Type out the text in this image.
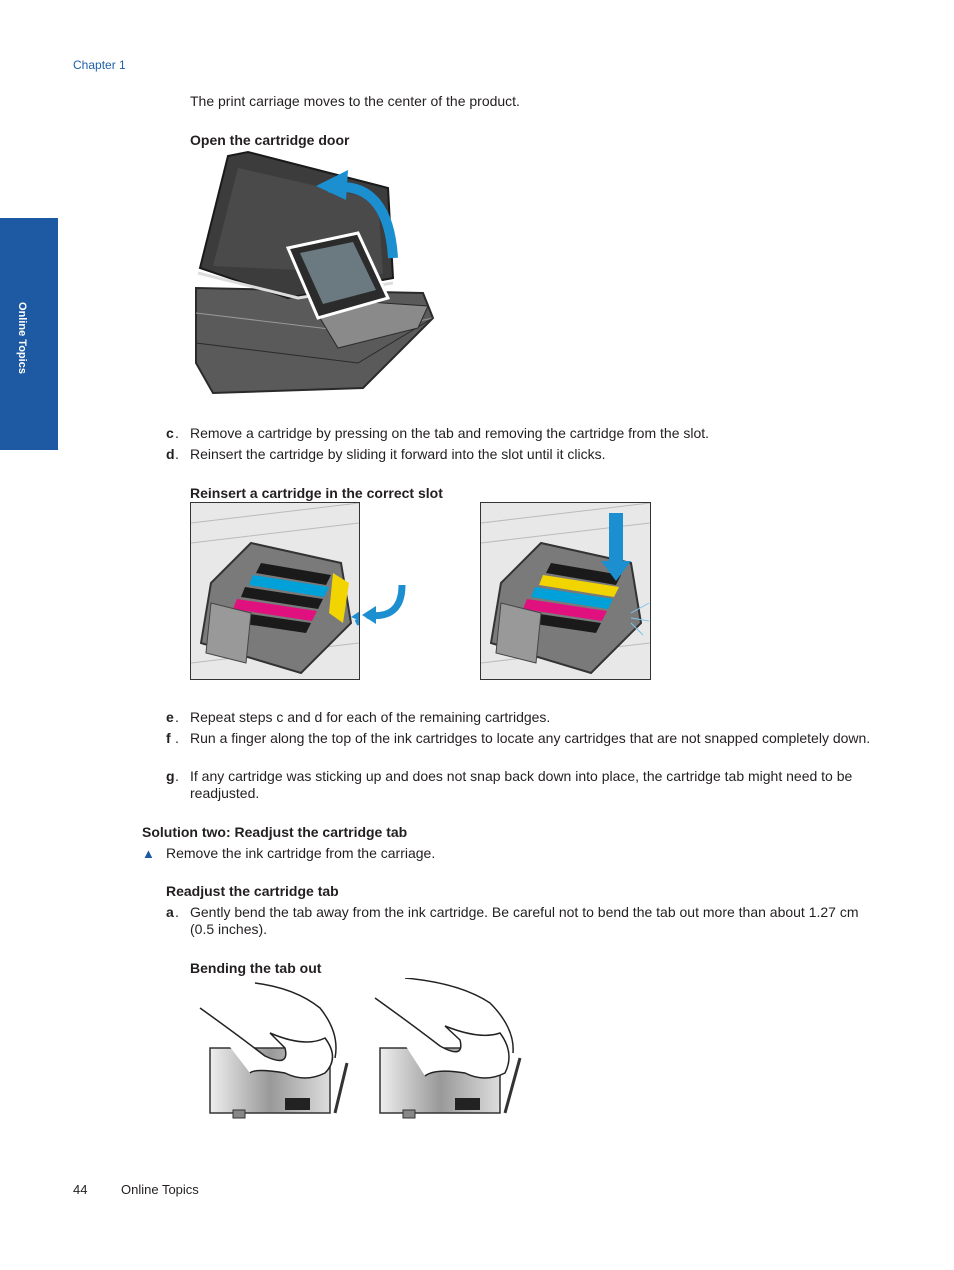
Chapter 1
Online Topics
The print carriage moves to the center of the product.
Open the cartridge door
c . Remove a cartridge by pressing on the tab and removing the cartridge from the slot.
d . Reinsert the cartridge by sliding it forward into the slot until it clicks.
Reinsert a cartridge in the correct slot
e . Repeat steps c and d for each of the remaining cartridges.
f . Run a finger along the top of the ink cartridges to locate any cartridges that are not snapped completely down.
g . If any cartridge was sticking up and does not snap back down into place, the cartridge tab might need to be readjusted.
Solution two: Readjust the cartridge tab
▲ Remove the ink cartridge from the carriage.
Readjust the cartridge tab
a . Gently bend the tab away from the ink cartridge. Be careful not to bend the tab out more than about 1.27 cm (0.5 inches).
Bending the tab out
44	Online Topics
